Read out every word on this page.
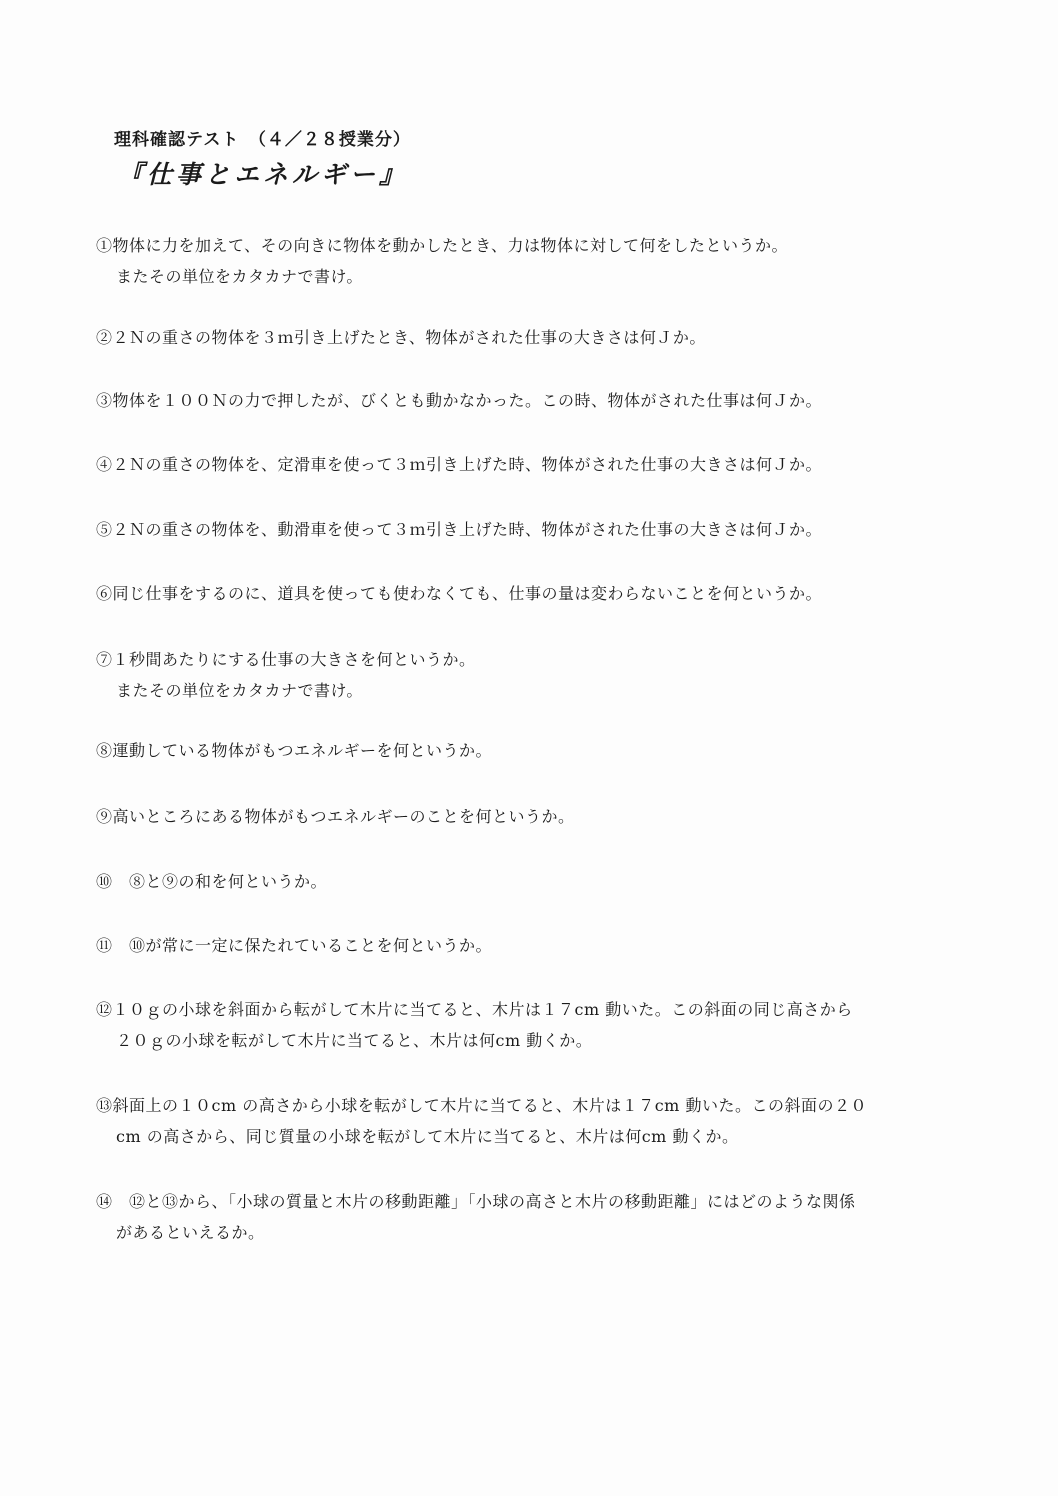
理科確認テスト　（４／２８授業分）
『仕事とエネルギー』
①物体に力を加えて、その向きに物体を動かしたとき、力は物体に対して何をしたというか。
またその単位をカタカナで書け。
②２Ｎの重さの物体を３ｍ引き上げたとき、物体がされた仕事の大きさは何Ｊか。
③物体を１００Ｎの力で押したが、びくとも動かなかった。この時、物体がされた仕事は何Ｊか。
④２Ｎの重さの物体を、定滑車を使って３ｍ引き上げた時、物体がされた仕事の大きさは何Ｊか。
⑤２Ｎの重さの物体を、動滑車を使って３ｍ引き上げた時、物体がされた仕事の大きさは何Ｊか。
⑥同じ仕事をするのに、道具を使っても使わなくても、仕事の量は変わらないことを何というか。
⑦１秒間あたりにする仕事の大きさを何というか。
またその単位をカタカナで書け。
⑧運動している物体がもつエネルギーを何というか。
⑨高いところにある物体がもつエネルギーのことを何というか。
⑩　⑧と⑨の和を何というか。
⑪　⑩が常に一定に保たれていることを何というか。
⑫１０ｇの小球を斜面から転がして木片に当てると、木片は１７cm 動いた。この斜面の同じ高さから
２０ｇの小球を転がして木片に当てると、木片は何cm 動くか。
⑬斜面上の１０cm の高さから小球を転がして木片に当てると、木片は１７cm 動いた。この斜面の２０
cm の高さから、同じ質量の小球を転がして木片に当てると、木片は何cm 動くか。
⑭　⑫と⑬から、「小球の質量と木片の移動距離」「小球の高さと木片の移動距離」にはどのような関係
があるといえるか。
